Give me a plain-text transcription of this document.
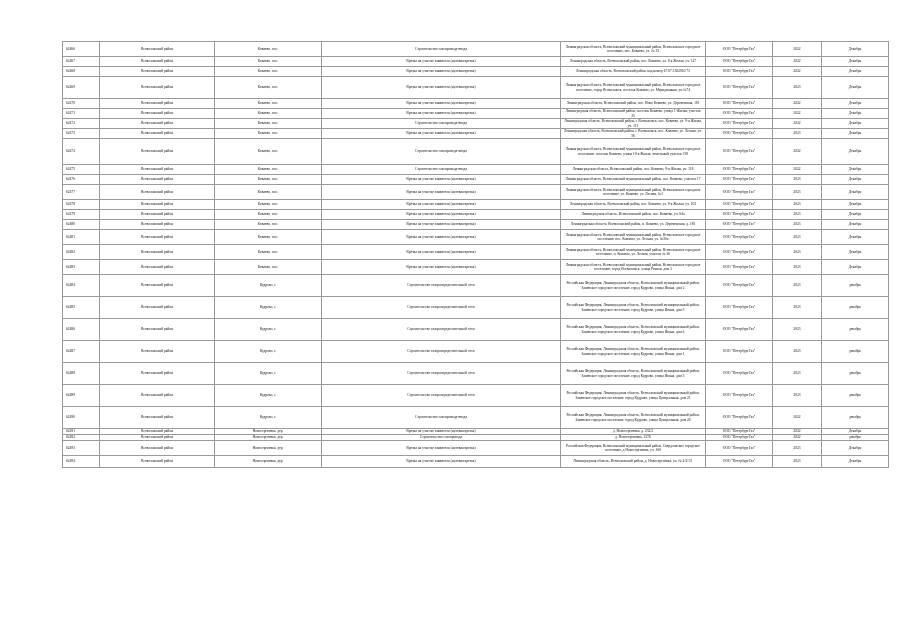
62466	Всеволожский район	Коваево, пос.	Строительство газопровода-ввода	Ленинградская область, Всеволожский муниципальный район, Всеволожское городское поселение, пос. Коваево, ул. № 33	ООО "ПетербургГаз"	2022	Декабрь
62467	Всеволожский район	Коваево, пос.	Врезка на участке заявителя (нулевая врезка)	Ленинградская область, Всеволожский район, пос. Коваево, ул. 8-я Жилая, уч. 127	ООО "ПетербургГаз"	2022	Декабрь
62468	Всеволожский район	Коваево, пос.	Врезка на участке заявителя (нулевая врезка)	Ленинградская область, Всеволожский район, кад.номер 47:07:1302010:73	ООО "ПетербургГаз"	2022	Декабрь
62469	Всеволожский район	Коваево, пос.	Врезка на участке заявителя (нулевая врезка)	Ленинградская область, Всеволожский муниципальный район, Всеволожское городское поселение, город Всеволожск, поселок Коваево, ул. Меридианная, уч.№74	ООО "ПетербургГаз"	2023	Декабрь
62470	Всеволожский район	Коваево, пос.	Врезка на участке заявителя (нулевая врезка)	Ленинградская область, Всеволожский район, пос. Ново Коваево, ул. Деревенская, 181	ООО "ПетербургГаз"	2022	Декабрь
62471	Всеволожский район	Коваево, пос.	Врезка на участке заявителя (нулевая врезка)	Ленинградская область, Всеволожский район, поселок Коваево, улица 1-Жилая, участок 25	ООО "ПетербургГаз"	2022	Декабрь
62472	Всеволожский район	Коваево, пос.	Строительство газопровода-ввода	Ленинградская область, Всеволожский район, г. Всеволожск, пос. Коваево, ул. 9-я Жилая, уч. 111	ООО "ПетербургГаз"	2022	Декабрь
62473	Всеволожский район	Коваево, пос.	Врезка на участке заявителя (нулевая врезка)	Ленинградская область, Всеволожский район, г. Всеволожск, пос. Коваево, ул. Лесная, уч. 56	ООО "ПетербургГаз"	2023	Декабрь
62474	Всеволожский район	Коваево, пос.	Строительство газопровода-ввода	Ленинградская область, Всеволожский муниципальный район, Всеволожское городское поселение, поселок Коваево, улица 10-я Жилая, земельный участок 138	ООО "ПетербургГаз"	2022	Декабрь
62475	Всеволожский район	Коваево, пос.	Строительство газопровода-ввода	Ленинградская область, Всеволожский район, пос. Коваево, 9-я Жилая, уч. 118	ООО "ПетербургГаз"	2022	Декабрь
62476	Всеволожский район	Коваево, пос.	Врезка на участке заявителя (нулевая врезка)	Ленинградская область, Всеволожский муниципальный район, пос. Коваево, участок 17	ООО "ПетербургГаз"	2023	Декабрь
62477	Всеволожский район	Коваево, пос.	Врезка на участке заявителя (нулевая врезка)	Ленинградская область, Всеволожский муниципальный район, Всеволожское городское поселение, ул. Коваево, ул. Лесная, №1	ООО "ПетербургГаз"	2023	Декабрь
62478	Всеволожский район	Коваево, пос.	Врезка на участке заявителя (нулевая врезка)	Ленинградская область, Всеволожский район, пос. Коваево, ул. 8-я Жилая, уч. 102	ООО "ПетербургГаз"	2023	Декабрь
62479	Всеволожский район	Коваево, пос.	Врезка на участке заявителя (нулевая врезка)	Ленинградская область, Всеволожский район, пос. Коваево, уч. 64а	ООО "ПетербургГаз"	2023	Декабрь
62480	Всеволожский район	Коваево, пос.	Врезка на участке заявителя (нулевая врезка)	Ленинградская область, Всеволожский район, п. Коваево, ул. Деревенская, д. 185	ООО "ПетербургГаз"	2023	Декабрь
62481	Всеволожский район	Коваево, пос.	Врезка на участке заявителя (нулевая врезка)	Ленинградская область, Всеволожский муниципальный район, Всеволожское городское поселение, пос. Коваево, ул. Лесная, уч. №30а	ООО "ПетербургГаз"	2023	Декабрь
62482	Всеволожский район	Коваево, пос.	Врезка на участке заявителя (нулевая врезка)	Ленинградская область, Всеволожский муниципальный район, Всеволожское городское поселение, п. Коваево, ул. Лесная, участок № 26	ООО "ПетербургГаз"	2023	Декабрь
62483	Всеволожский район	Коваево, пос.	Врезка на участке заявителя (нулевая врезка)	Ленинградская область, Всеволожский муниципальный район, Всеволожское городское поселение, город Всеволожск, улица Речная, дом 3	ООО "ПетербургГаз"	2023	Декабрь
62484	Всеволожский район	Кудрово, г.	Строительство газораспределительной сети	Российская Федерация, Ленинградская область, Всеволожский муниципальный район, Заневское городское поселение, город Кудрово, улица Ивана, дом 2	ООО "ПетербургГаз"	2023	декабрь
62485	Всеволожский район	Кудрово, г.	Строительство газораспределительной сети	Российская Федерация, Ленинградская область, Всеволожский муниципальный район, Заневское городское поселение, город Кудрово, улица Ивана, дом 5	ООО "ПетербургГаз"	2023	декабрь
62486	Всеволожский район	Кудрово, г.	Строительство газораспределительной сети	Российская Федерация, Ленинградская область, Всеволожский муниципальный район, Заневское городское поселение, город Кудрово, улица Ивана, дом 4	ООО "ПетербургГаз"	2023	декабрь
62487	Всеволожский район	Кудрово, г.	Строительство газораспределительной сети	Российская Федерация, Ленинградская область, Всеволожский муниципальный район, Заневское городское поселение, город Кудрово, улица Ивана, дом 1	ООО "ПетербургГаз"	2023	декабрь
62488	Всеволожский район	Кудрово, г.	Строительство газораспределительной сети	Российская Федерация, Ленинградская область, Всеволожский муниципальный район, Заневское городское поселение, город Кудрово, улица Ивана, дом 3	ООО "ПетербургГаз"	2023	декабрь
62489	Всеволожский район	Кудрово, г.	Строительство газораспределительной сети	Российская Федерация, Ленинградская область, Всеволожский муниципальный район, Заневское городское поселение, город Кудрово, улица Центральная, дом 21	ООО "ПетербургГаз"	2023	декабрь
62490	Всеволожский район	Кудрово, г.	Строительство газопровода-ввода	Российская Федерация, Ленинградская область, Всеволожский муниципальный район, Заневское городское поселение, город Кудрово, улица Центральная, дом 20	ООО "ПетербургГаз"	2022	декабрь
62491	Всеволожский район	Новосергиевка, дер.	Врезка на участке заявителя (нулевая врезка)	д. Новосергиевка, д. 232/2	ООО "ПетербургГаз"	2022	Декабрь
62492	Всеволожский район	Новосергиевка, дер.	Строительство газопровода	д. Новосергиевка, 137Б	ООО "ПетербургГаз"	2022	декабрь
62493	Всеволожский район	Новосергиевка, дер.	Врезка на участке заявителя (нулевая врезка)	Российская Федерация, Всеволожский муниципальный район, Свердловское городское поселение, д.Новосергиевка, уч. 160	ООО "ПетербургГаз"	2023	Декабрь
62494	Всеволожский район	Новосергиевка, дер.	Врезка на участке заявителя (нулевая врезка)	Ленинградская область, Всеволожский район, д. Новосергиевка, ул. № 2/2/1/1	ООО "ПетербургГаз"	2023	Декабрь
